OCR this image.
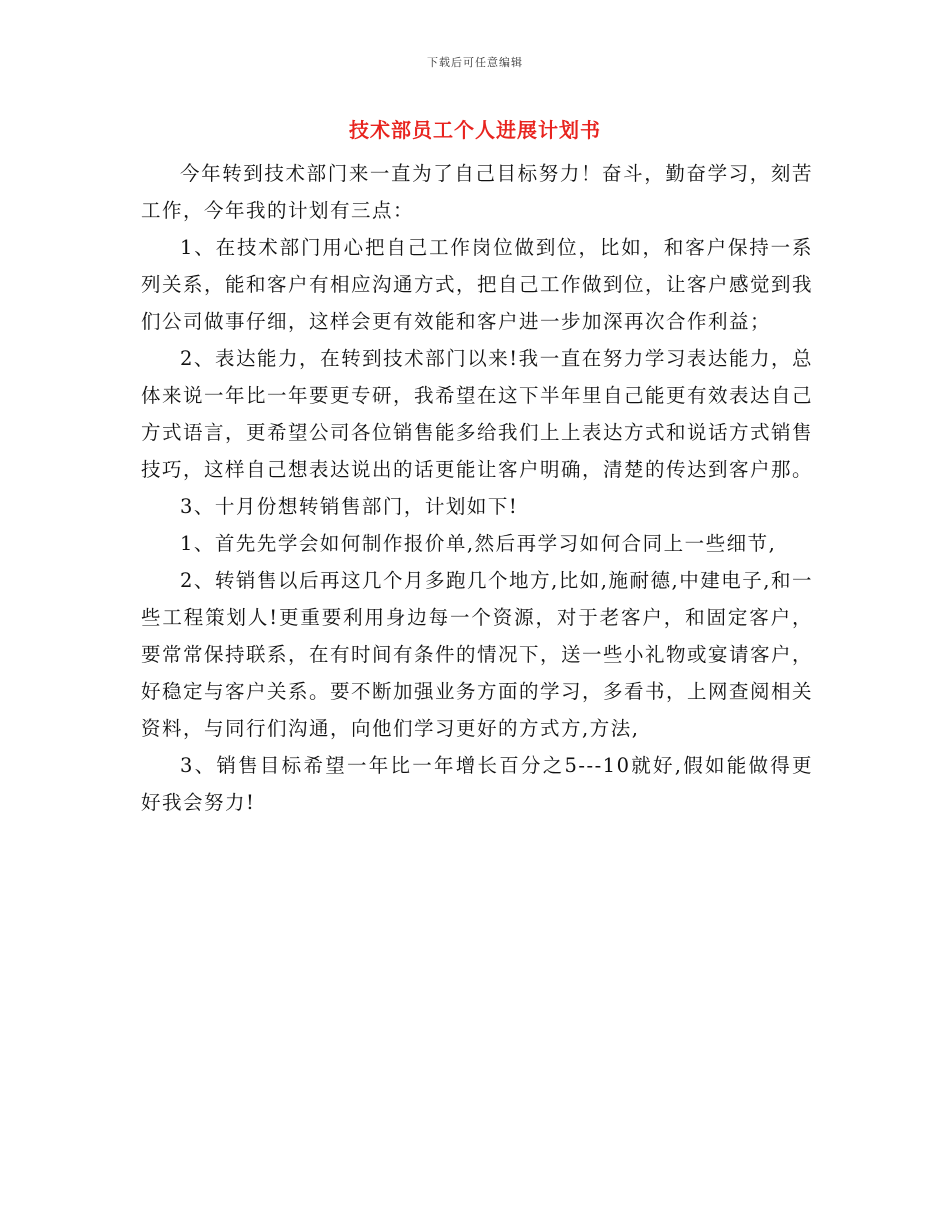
下载后可任意编辑
技术部员工个人进展计划书

今年转到技术部门来一直为了自己目标努力！奋斗，勤奋学习，刻苦工作，今年我的计划有三点：

1、在技术部门用心把自己工作岗位做到位，比如，和客户保持一系列关系，能和客户有相应沟通方式，把自己工作做到位，让客户感觉到我们公司做事仔细，这样会更有效能和客户进一步加深再次合作利益；

2、表达能力，在转到技术部门以来!我一直在努力学习表达能力，总体来说一年比一年要更专研，我希望在这下半年里自己能更有效表达自己方式语言，更希望公司各位销售能多给我们上上表达方式和说话方式销售技巧，这样自己想表达说出的话更能让客户明确，清楚的传达到客户那。

3、十月份想转销售部门，计划如下!

1、首先先学会如何制作报价单,然后再学习如何合同上一些细节,

2、转销售以后再这几个月多跑几个地方,比如,施耐德,中建电子,和一些工程策划人!更重要利用身边每一个资源，对于老客户，和固定客户，要常常保持联系，在有时间有条件的情况下，送一些小礼物或宴请客户，好稳定与客户关系。要不断加强业务方面的学习，多看书，上网查阅相关资料，与同行们沟通，向他们学习更好的方式方,方法,

3、销售目标希望一年比一年增长百分之5---10就好,假如能做得更好我会努力!
